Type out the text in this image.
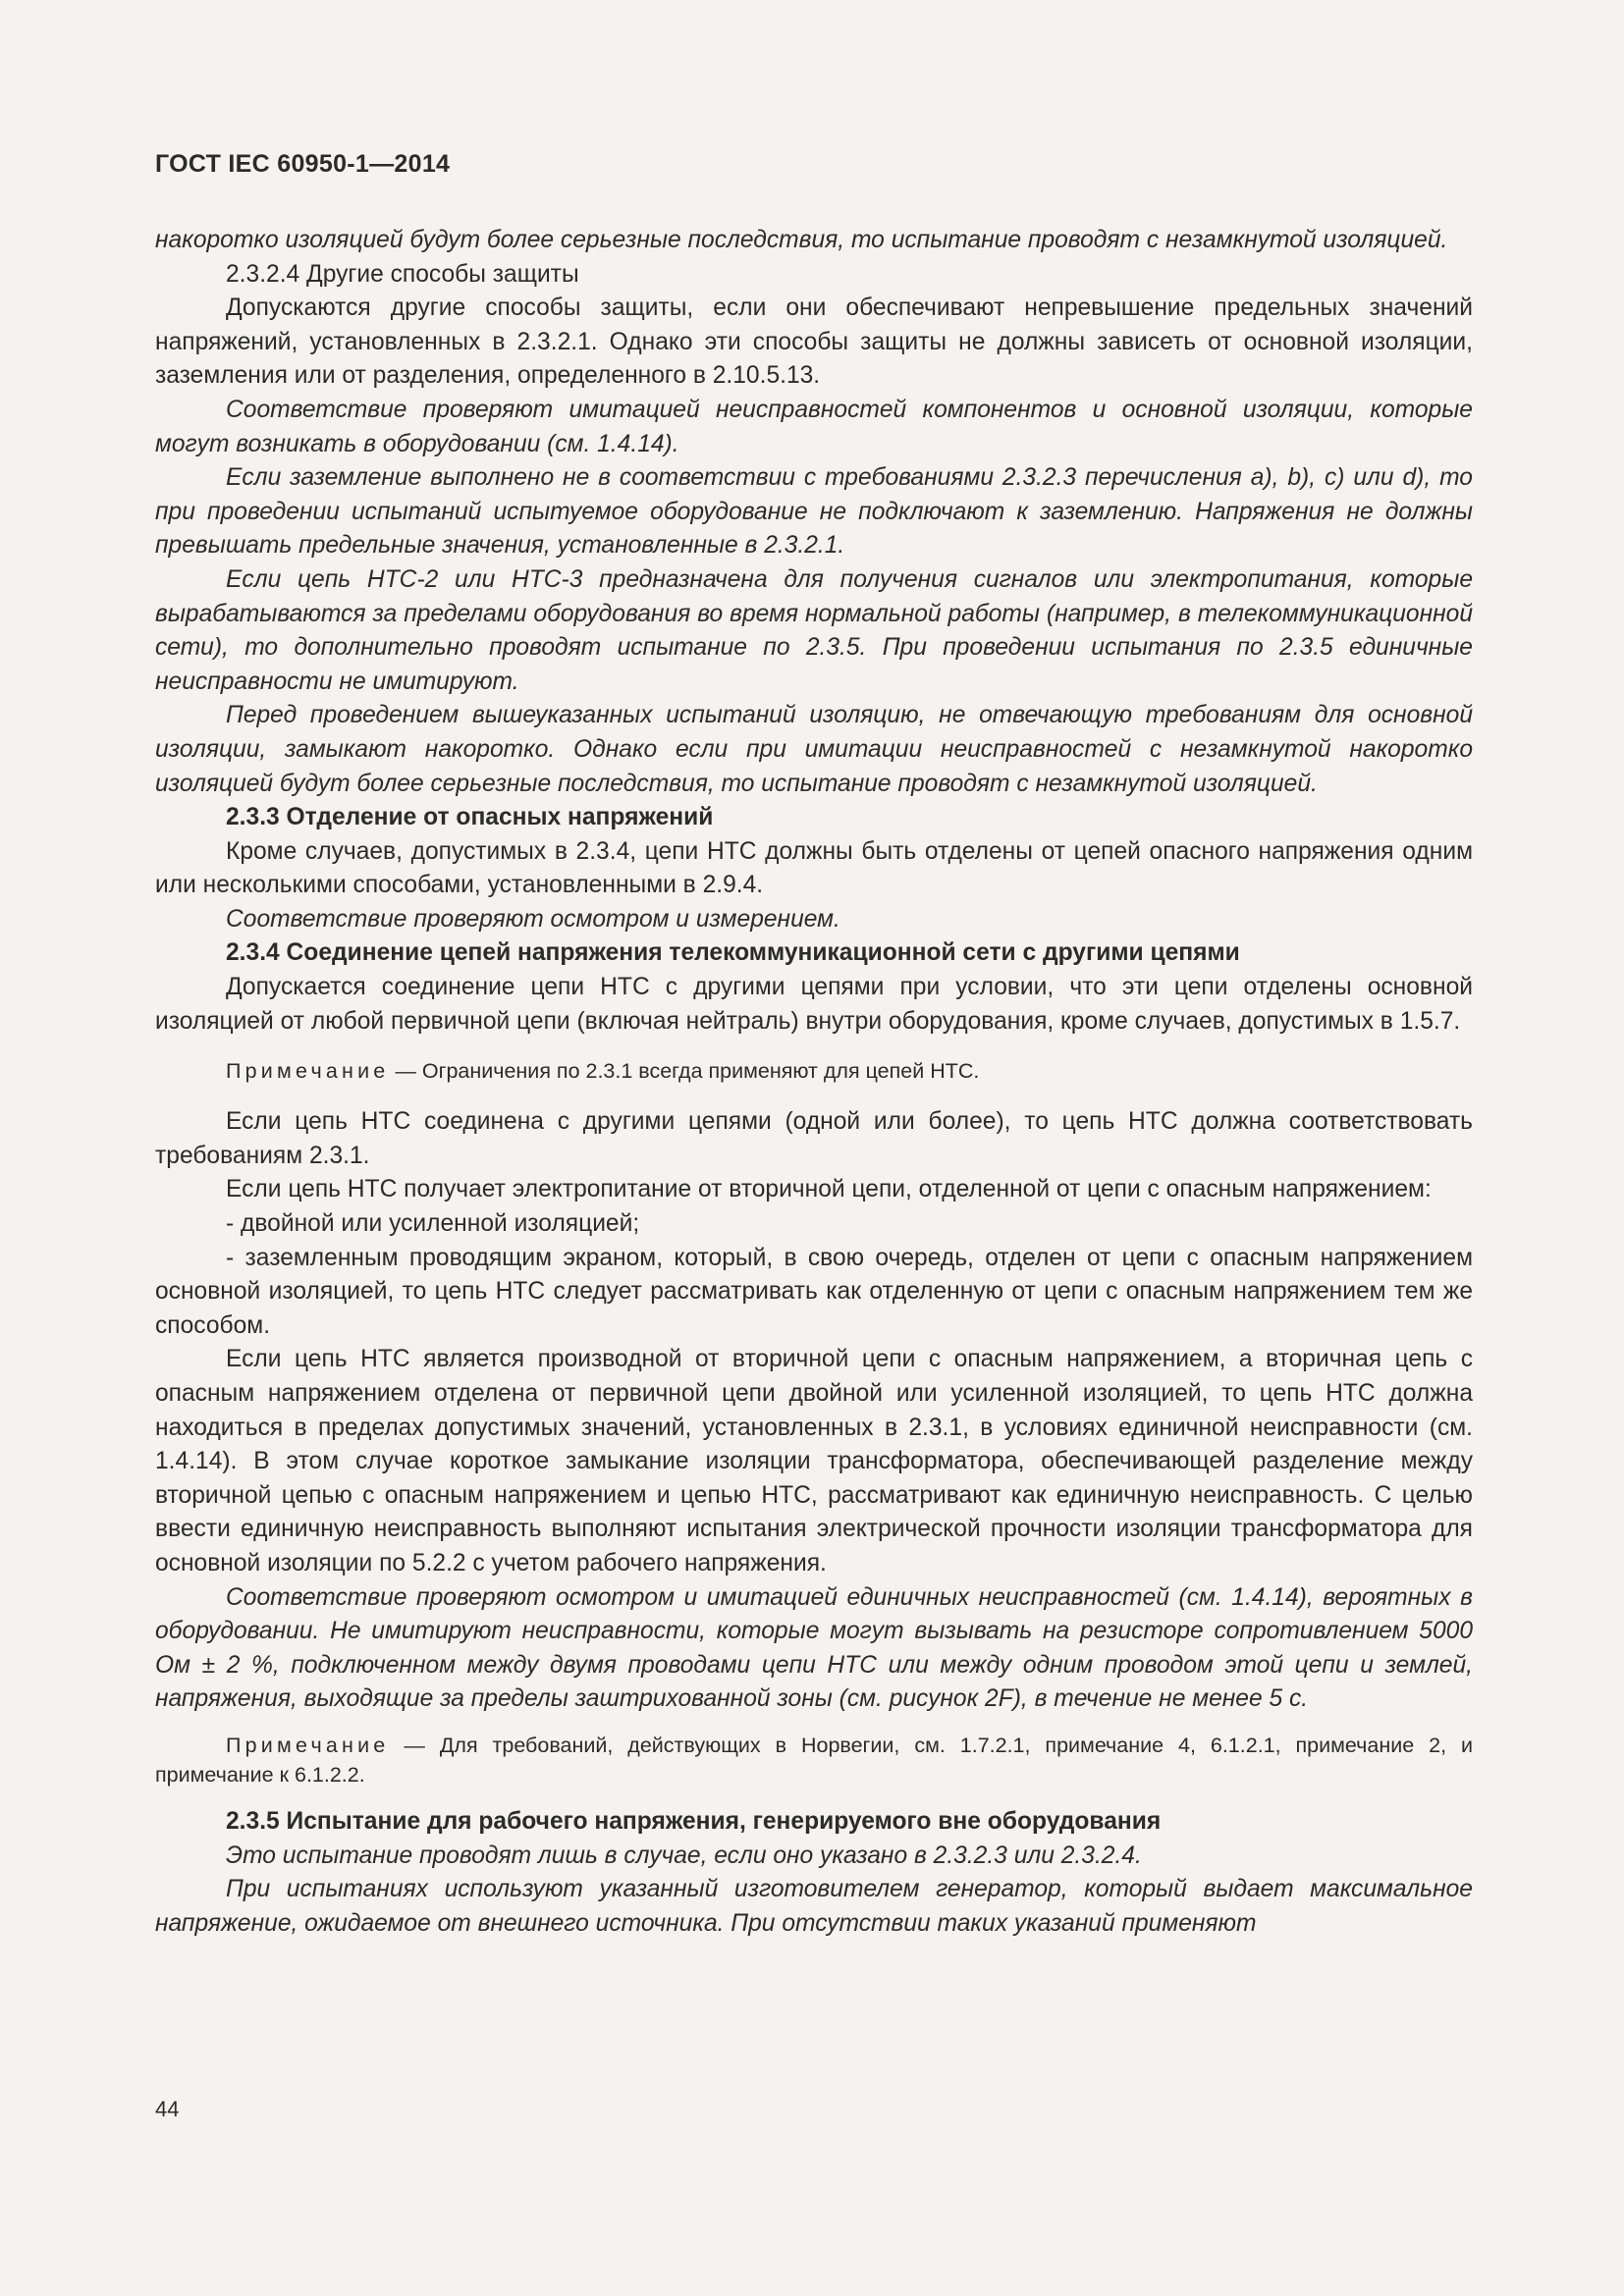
ГОСТ IEC 60950-1—2014

накоротко изоляцией будут более серьезные последствия, то испытание проводят с незамкнутой изоляцией.

2.3.2.4 Другие способы защиты

Допускаются другие способы защиты, если они обеспечивают непревышение предельных значений напряжений, установленных в 2.3.2.1. Однако эти способы защиты не должны зависеть от основной изоляции, заземления или от разделения, определенного в 2.10.5.13.

Соответствие проверяют имитацией неисправностей компонентов и основной изоляции, которые могут возникать в оборудовании (см. 1.4.14).

Если заземление выполнено не в соответствии с требованиями 2.3.2.3 перечисления a), b), c) или d), то при проведении испытаний испытуемое оборудование не подключают к заземлению. Напряжения не должны превышать предельные значения, установленные в 2.3.2.1.

Если цепь НТС-2 или НТС-3 предназначена для получения сигналов или электропитания, которые вырабатываются за пределами оборудования во время нормальной работы (например, в телекоммуникационной сети), то дополнительно проводят испытание по 2.3.5. При проведении испытания по 2.3.5 единичные неисправности не имитируют.

Перед проведением вышеуказанных испытаний изоляцию, не отвечающую требованиям для основной изоляции, замыкают накоротко. Однако если при имитации неисправностей с незамкнутой накоротко изоляцией будут более серьезные последствия, то испытание проводят с незамкнутой изоляцией.

2.3.3 Отделение от опасных напряжений

Кроме случаев, допустимых в 2.3.4, цепи НТС должны быть отделены от цепей опасного напряжения одним или несколькими способами, установленными в 2.9.4.

Соответствие проверяют осмотром и измерением.

2.3.4 Соединение цепей напряжения телекоммуникационной сети с другими цепями

Допускается соединение цепи НТС с другими цепями при условии, что эти цепи отделены основной изоляцией от любой первичной цепи (включая нейтраль) внутри оборудования, кроме случаев, допустимых в 1.5.7.

Примечание — Ограничения по 2.3.1 всегда применяют для цепей НТС.

Если цепь НТС соединена с другими цепями (одной или более), то цепь НТС должна соответствовать требованиям 2.3.1.

Если цепь НТС получает электропитание от вторичной цепи, отделенной от цепи с опасным напряжением:

- двойной или усиленной изоляцией;

- заземленным проводящим экраном, который, в свою очередь, отделен от цепи с опасным напряжением основной изоляцией, то цепь НТС следует рассматривать как отделенную от цепи с опасным напряжением тем же способом.

Если цепь НТС является производной от вторичной цепи с опасным напряжением, а вторичная цепь с опасным напряжением отделена от первичной цепи двойной или усиленной изоляцией, то цепь НТС должна находиться в пределах допустимых значений, установленных в 2.3.1, в условиях единичной неисправности (см. 1.4.14). В этом случае короткое замыкание изоляции трансформатора, обеспечивающей разделение между вторичной цепью с опасным напряжением и цепью НТС, рассматривают как единичную неисправность. С целью ввести единичную неисправность выполняют испытания электрической прочности изоляции трансформатора для основной изоляции по 5.2.2 с учетом рабочего напряжения.

Соответствие проверяют осмотром и имитацией единичных неисправностей (см. 1.4.14), вероятных в оборудовании. Не имитируют неисправности, которые могут вызывать на резисторе сопротивлением 5000 Ом ± 2 %, подключенном между двумя проводами цепи НТС или между одним проводом этой цепи и землей, напряжения, выходящие за пределы заштрихованной зоны (см. рисунок 2F), в течение не менее 5 с.

Примечание — Для требований, действующих в Норвегии, см. 1.7.2.1, примечание 4, 6.1.2.1, примечание 2, и примечание к 6.1.2.2.

2.3.5 Испытание для рабочего напряжения, генерируемого вне оборудования

Это испытание проводят лишь в случае, если оно указано в 2.3.2.3 или 2.3.2.4.

При испытаниях используют указанный изготовителем генератор, который выдает максимальное напряжение, ожидаемое от внешнего источника. При отсутствии таких указаний применяют

44
